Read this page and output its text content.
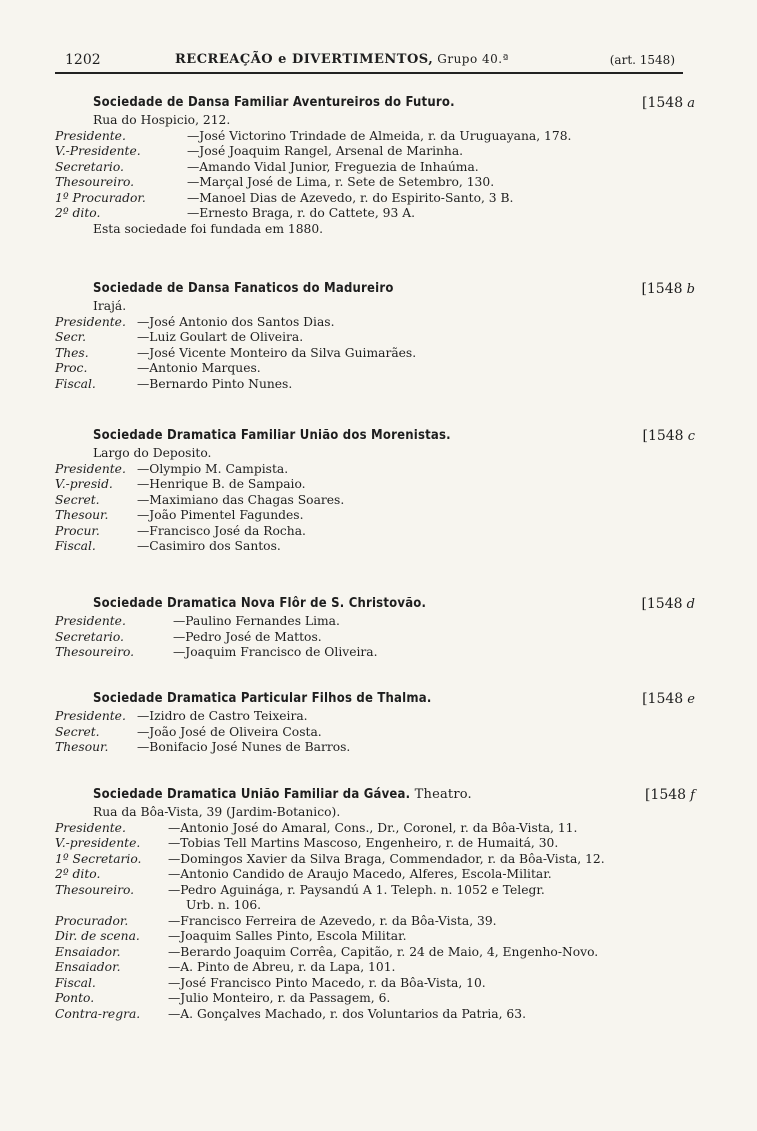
1202	RECREAÇÃO e DIVERTIMENTOS, Grupo 40.ª	(art. 1548)
Sociedade de Dansa Familiar Aventureiros do Futuro.	[1548 a
Rua do Hospicio, 212.
Presidente.	—José Victorino Trindade de Almeida, r. da Uruguayana, 178.
V.-Presidente.	—José Joaquim Rangel, Arsenal de Marinha.
Secretario.	—Amando Vidal Junior, Freguezia de Inhaúma.
Thesoureiro.	—Marçal José de Lima, r. Sete de Setembro, 130.
1º Procurador.	—Manoel Dias de Azevedo, r. do Espirito-Santo, 3 B.
2º dito.	—Ernesto Braga, r. do Cattete, 93 A.
Esta sociedade foi fundada em 1880.
Sociedade de Dansa Fanaticos do Madureiro	[1548 b
Irajá.
Presidente. —José Antonio dos Santos Dias.
Secr.	—Luiz Goulart de Oliveira.
Thes.	—José Vicente Monteiro da Silva Guimarães.
Proc.	—Antonio Marques.
Fiscal.	—Bernardo Pinto Nunes.
Sociedade Dramatica Familiar União dos Morenistas.	[1548 c
Largo do Deposito.
Presidente. —Olympio M. Campista.
V.-presid. —Henrique B. de Sampaio.
Secret.	—Maximiano das Chagas Soares.
Thesour. —João Pimentel Fagundes.
Procur.	—Francisco José da Rocha.
Fiscal.	—Casimiro dos Santos.
Sociedade Dramatica Nova Flôr de S. Christovão.	[1548 d
Presidente.	—Paulino Fernandes Lima.
Secretario.	—Pedro José de Mattos.
Thesoureiro.	—Joaquim Francisco de Oliveira.
Sociedade Dramatica Particular Filhos de Thalma.	[1548 e
Presidente. —Izidro de Castro Teixeira.
Secret.	—João José de Oliveira Costa.
Thesour. —Bonifacio José Nunes de Barros.
Sociedade Dramatica União Familiar da Gávea. Theatro.	[1548 f
Rua da Bôa-Vista, 39 (Jardim-Botanico).
Presidente.	—Antonio José do Amaral, Cons., Dr., Coronel, r. da Bôa-Vista, 11.
V.-presidente. —Tobias Tell Martins Mascoso, Engenheiro, r. de Humaitá, 30.
1º Secretario. —Domingos Xavier da Silva Braga, Commendador, r. da Bôa-Vista, 12.
2º dito.	—Antonio Candido de Araujo Macedo, Alferes, Escola-Militar.
Thesoureiro.	—Pedro Aguinága, r. Paysandú A 1. Teleph. n. 1052 e Telegr.
Urb. n. 106.
Procurador.	—Francisco Ferreira de Azevedo, r. da Bôa-Vista, 39.
Dir. de scena. —Joaquim Salles Pinto, Escola Militar.
Ensaiador.	—Berardo Joaquim Corrêa, Capitão, r. 24 de Maio, 4, Engenho-Novo.
Ensaiador.	—A. Pinto de Abreu, r. da Lapa, 101.
Fiscal.	—José Francisco Pinto Macedo, r. da Bôa-Vista, 10.
Ponto.	—Julio Monteiro, r. da Passagem, 6.
Contra-regra. —A. Gonçalves Machado, r. dos Voluntarios da Patria, 63.
